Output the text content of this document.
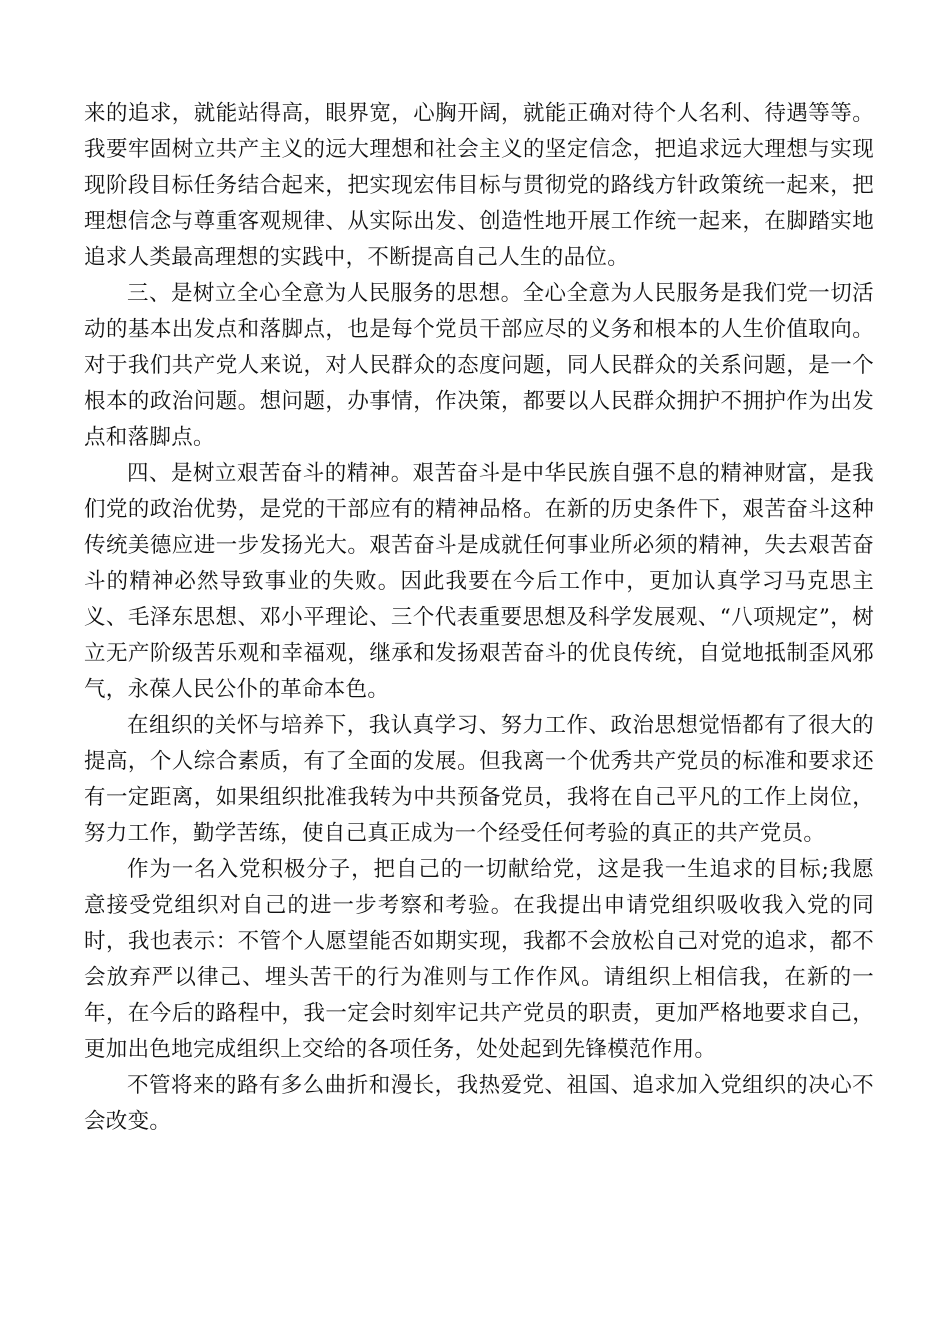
来的追求，就能站得高，眼界宽，心胸开阔，就能正确对待个人名利、待遇等等。我要牢固树立共产主义的远大理想和社会主义的坚定信念，把追求远大理想与实现现阶段目标任务结合起来，把实现宏伟目标与贯彻党的路线方针政策统一起来，把理想信念与尊重客观规律、从实际出发、创造性地开展工作统一起来，在脚踏实地追求人类最高理想的实践中，不断提高自己人生的品位。

三、是树立全心全意为人民服务的思想。全心全意为人民服务是我们党一切活动的基本出发点和落脚点，也是每个党员干部应尽的义务和根本的人生价值取向。对于我们共产党人来说，对人民群众的态度问题，同人民群众的关系问题，是一个根本的政治问题。想问题，办事情，作决策，都要以人民群众拥护不拥护作为出发点和落脚点。

四、是树立艰苦奋斗的精神。艰苦奋斗是中华民族自强不息的精神财富，是我们党的政治优势，是党的干部应有的精神品格。在新的历史条件下，艰苦奋斗这种传统美德应进一步发扬光大。艰苦奋斗是成就任何事业所必须的精神，失去艰苦奋斗的精神必然导致事业的失败。因此我要在今后工作中，更加认真学习马克思主义、毛泽东思想、邓小平理论、三个代表重要思想及科学发展观、“八项规定”，树立无产阶级苦乐观和幸福观，继承和发扬艰苦奋斗的优良传统，自觉地抵制歪风邪气，永葆人民公仆的革命本色。

在组织的关怀与培养下，我认真学习、努力工作、政治思想觉悟都有了很大的提高，个人综合素质，有了全面的发展。但我离一个优秀共产党员的标准和要求还有一定距离，如果组织批准我转为中共预备党员，我将在自己平凡的工作上岗位，努力工作，勤学苦练，使自己真正成为一个经受任何考验的真正的共产党员。

作为一名入党积极分子，把自己的一切献给党，这是我一生追求的目标;我愿意接受党组织对自己的进一步考察和考验。在我提出申请党组织吸收我入党的同时，我也表示：不管个人愿望能否如期实现，我都不会放松自己对党的追求，都不会放弃严以律己、埋头苦干的行为准则与工作作风。请组织上相信我，在新的一年，在今后的路程中，我一定会时刻牢记共产党员的职责，更加严格地要求自己，更加出色地完成组织上交给的各项任务，处处起到先锋模范作用。

不管将来的路有多么曲折和漫长，我热爱党、祖国、追求加入党组织的决心不会改变。
